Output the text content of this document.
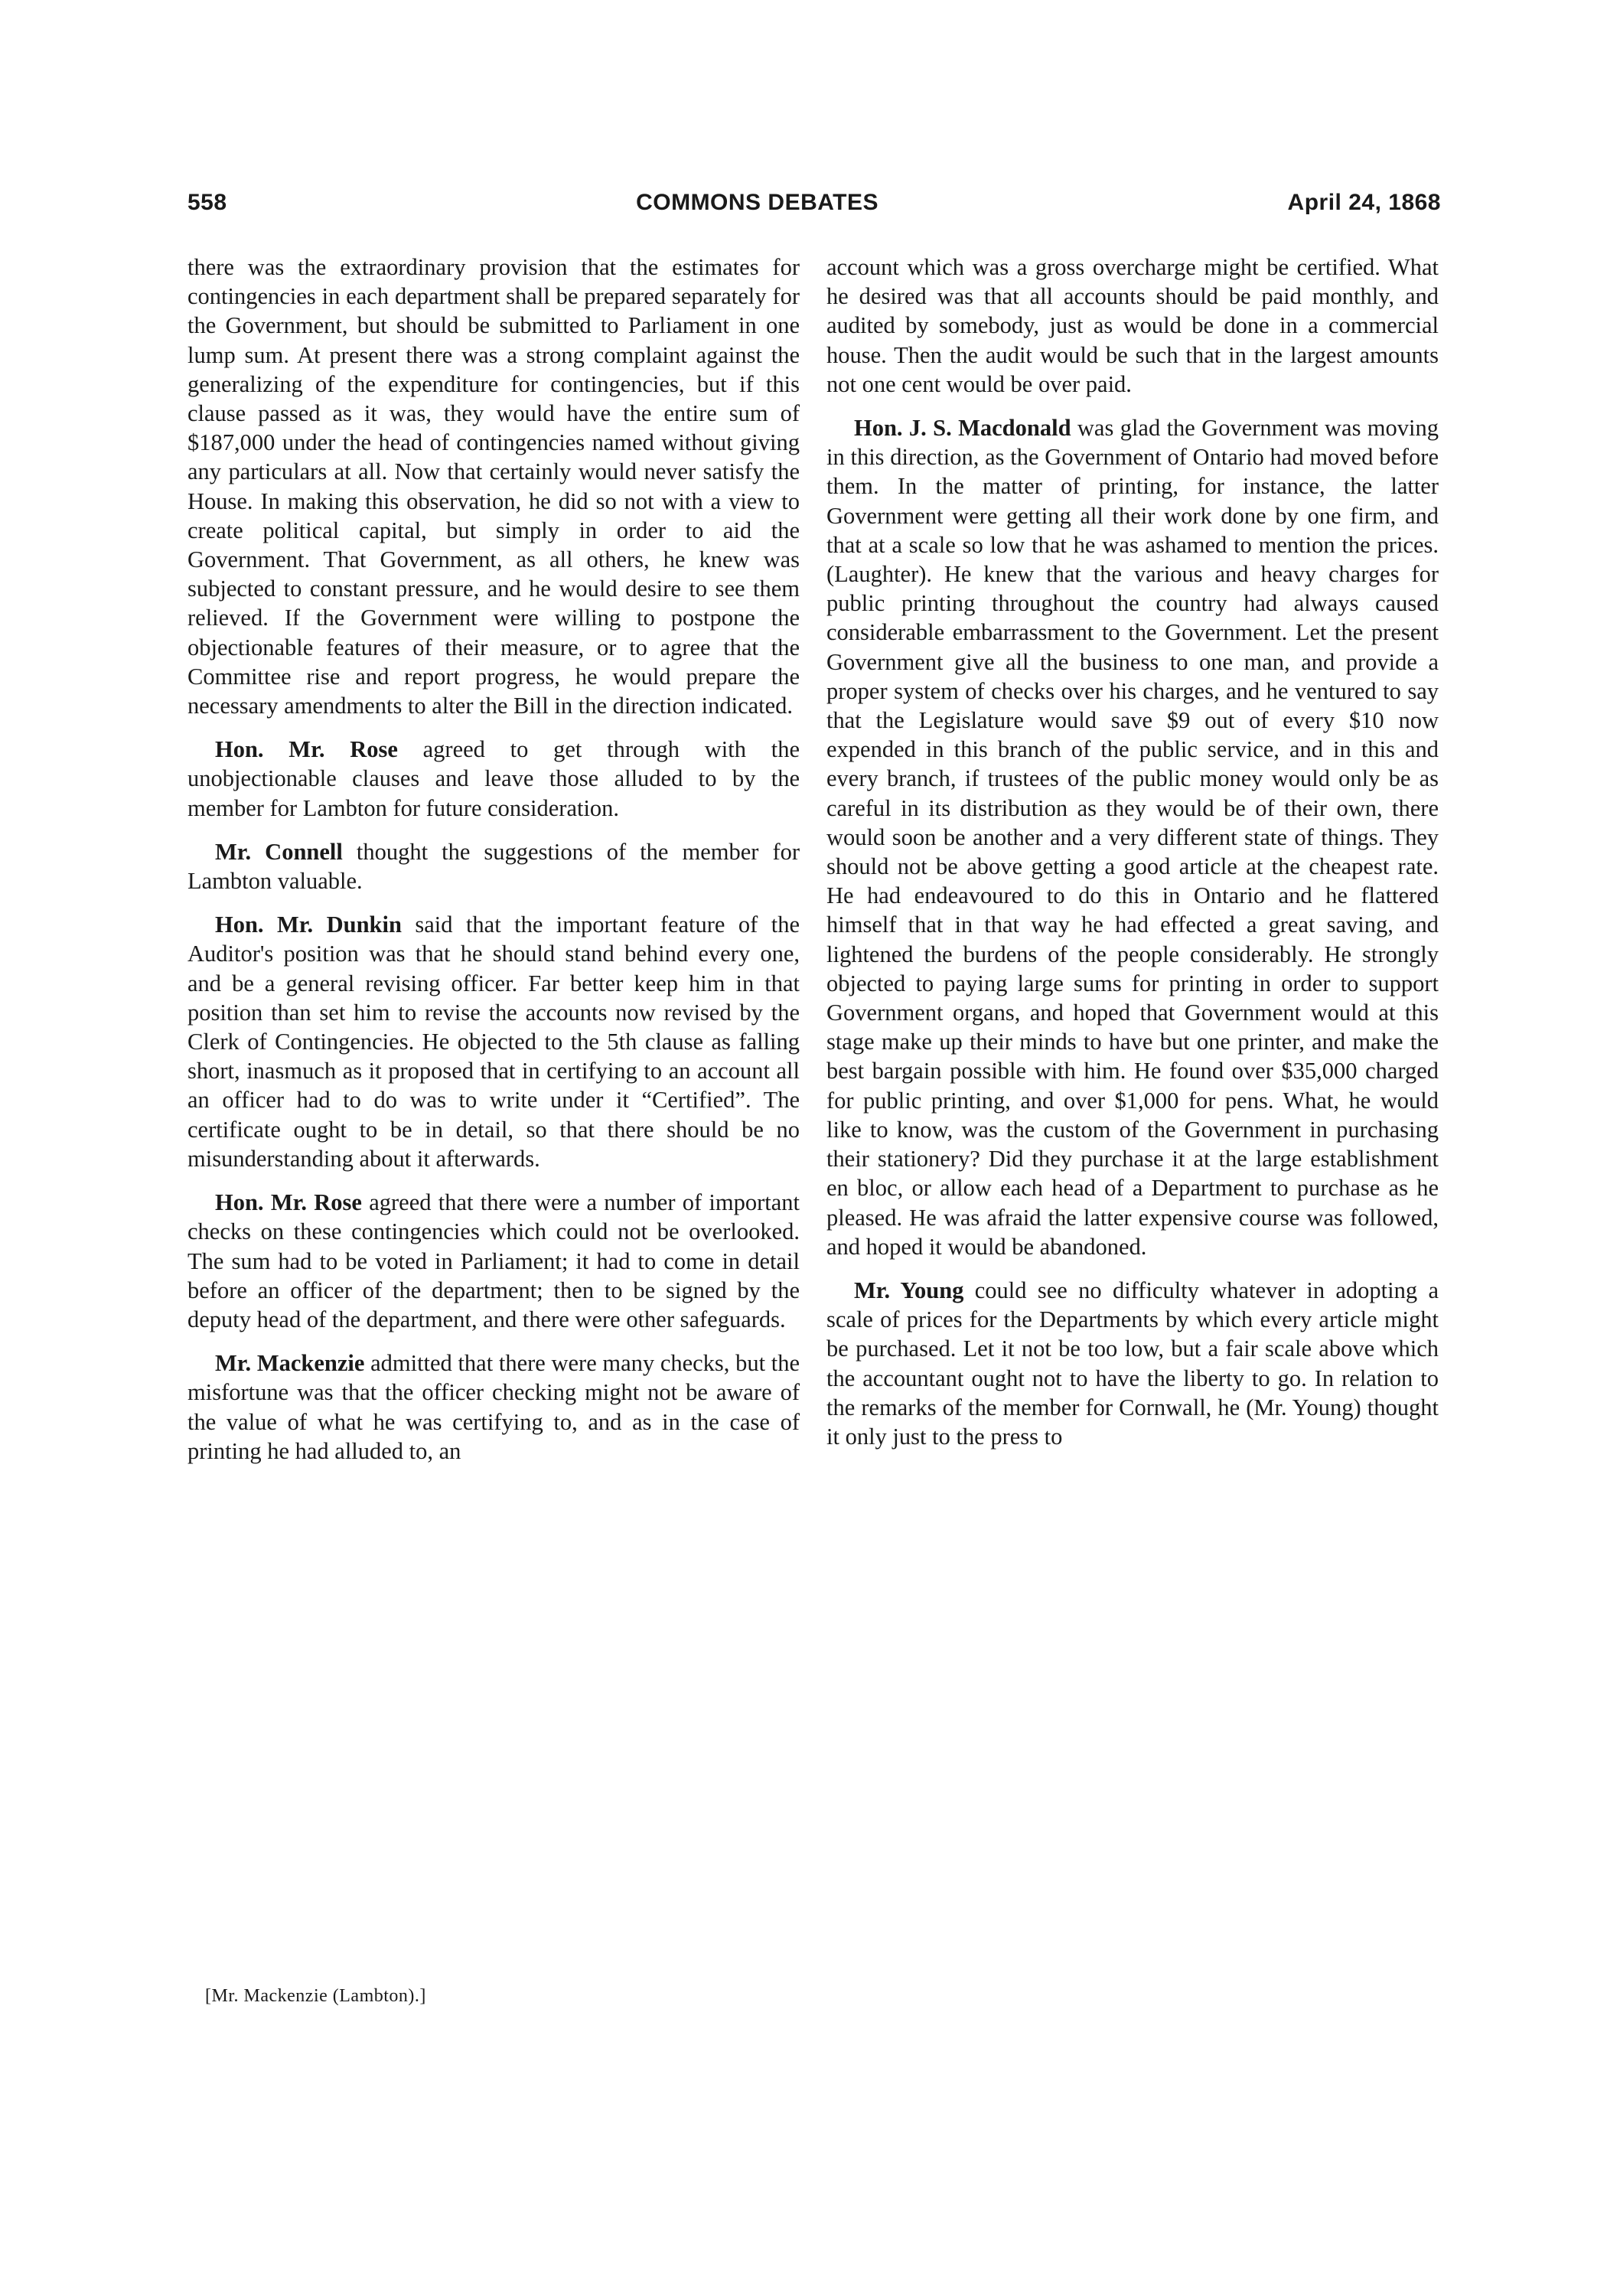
558	COMMONS DEBATES	April 24, 1868

there was the extraordinary provision that the estimates for contingencies in each department shall be prepared separately for the Government, but should be submitted to Parliament in one lump sum. At present there was a strong complaint against the generalizing of the expenditure for contingencies, but if this clause passed as it was, they would have the entire sum of $187,000 under the head of contingencies named without giving any particulars at all. Now that certainly would never satisfy the House. In making this observation, he did so not with a view to create political capital, but simply in order to aid the Government. That Government, as all others, he knew was subjected to constant pressure, and he would desire to see them relieved. If the Government were willing to postpone the objectionable features of their measure, or to agree that the Committee rise and report progress, he would prepare the necessary amendments to alter the Bill in the direction indicated.

Hon. Mr. Rose agreed to get through with the unobjectionable clauses and leave those alluded to by the member for Lambton for future consideration.

Mr. Connell thought the suggestions of the member for Lambton valuable.

Hon. Mr. Dunkin said that the important feature of the Auditor's position was that he should stand behind every one, and be a general revising officer. Far better keep him in that position than set him to revise the accounts now revised by the Clerk of Contingencies. He objected to the 5th clause as falling short, inasmuch as it proposed that in certifying to an account all an officer had to do was to write under it “Certified”. The certificate ought to be in detail, so that there should be no misunderstanding about it afterwards.

Hon. Mr. Rose agreed that there were a number of important checks on these contingencies which could not be overlooked. The sum had to be voted in Parliament; it had to come in detail before an officer of the department; then to be signed by the deputy head of the department, and there were other safeguards.

Mr. Mackenzie admitted that there were many checks, but the misfortune was that the officer checking might not be aware of the value of what he was certifying to, and as in the case of printing he had alluded to, an

[Mr. Mackenzie (Lambton).]

account which was a gross overcharge might be certified. What he desired was that all accounts should be paid monthly, and audited by somebody, just as would be done in a commercial house. Then the audit would be such that in the largest amounts not one cent would be over paid.

Hon. J. S. Macdonald was glad the Government was moving in this direction, as the Government of Ontario had moved before them. In the matter of printing, for instance, the latter Government were getting all their work done by one firm, and that at a scale so low that he was ashamed to mention the prices. (Laughter). He knew that the various and heavy charges for public printing throughout the country had always caused considerable embarrassment to the Government. Let the present Government give all the business to one man, and provide a proper system of checks over his charges, and he ventured to say that the Legislature would save $9 out of every $10 now expended in this branch of the public service, and in this and every branch, if trustees of the public money would only be as careful in its distribution as they would be of their own, there would soon be another and a very different state of things. They should not be above getting a good article at the cheapest rate. He had endeavoured to do this in Ontario and he flattered himself that in that way he had effected a great saving, and lightened the burdens of the people considerably. He strongly objected to paying large sums for printing in order to support Government organs, and hoped that Government would at this stage make up their minds to have but one printer, and make the best bargain possible with him. He found over $35,000 charged for public printing, and over $1,000 for pens. What, he would like to know, was the custom of the Government in purchasing their stationery? Did they purchase it at the large establishment en bloc, or allow each head of a Department to purchase as he pleased. He was afraid the latter expensive course was followed, and hoped it would be abandoned.

Mr. Young could see no difficulty whatever in adopting a scale of prices for the Departments by which every article might be purchased. Let it not be too low, but a fair scale above which the accountant ought not to have the liberty to go. In relation to the remarks of the member for Cornwall, he (Mr. Young) thought it only just to the press to
